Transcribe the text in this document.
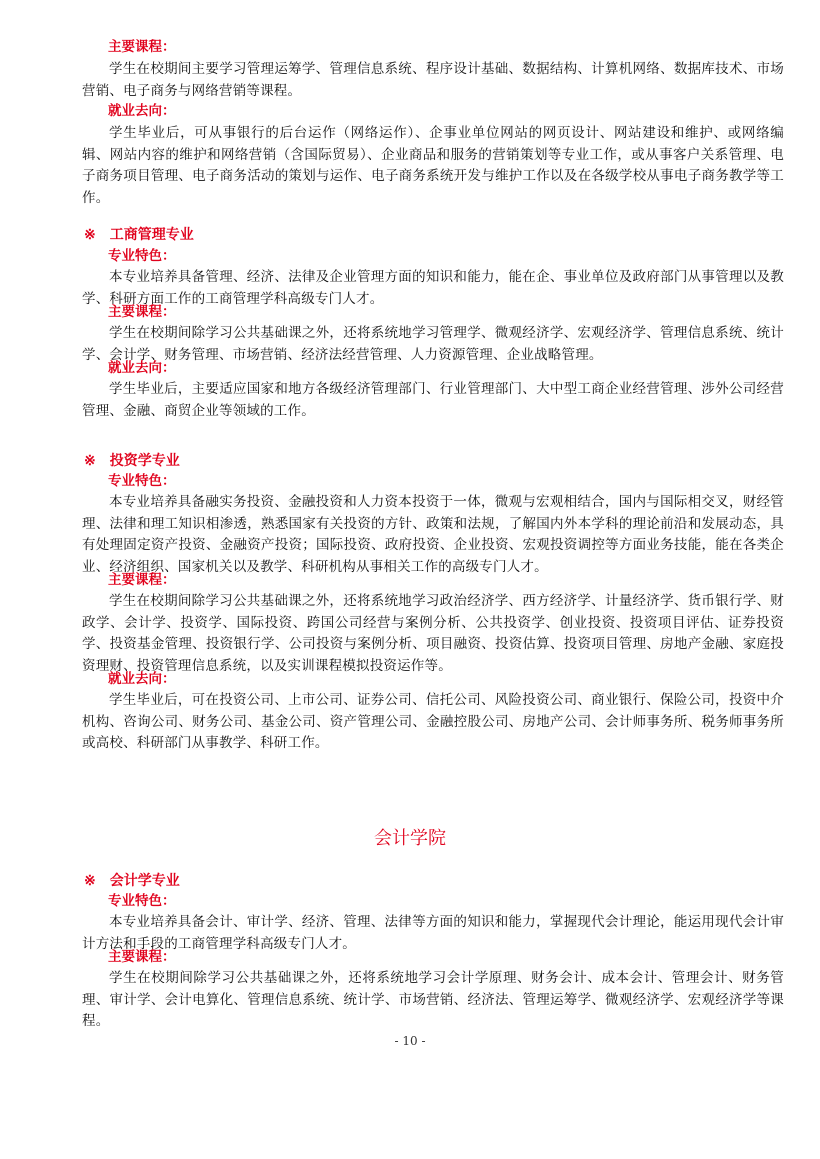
主要课程：
学生在校期间主要学习管理运筹学、管理信息系统、程序设计基础、数据结构、计算机网络、数据库技术、市场营销、电子商务与网络营销等课程。
就业去向：
学生毕业后，可从事银行的后台运作（网络运作）、企事业单位网站的网页设计、网站建设和维护、或网络编辑、网站内容的维护和网络营销（含国际贸易）、企业商品和服务的营销策划等专业工作，或从事客户关系管理、电子商务项目管理、电子商务活动的策划与运作、电子商务系统开发与维护工作以及在各级学校从事电子商务教学等工作。
※ 工商管理专业
专业特色：
本专业培养具备管理、经济、法律及企业管理方面的知识和能力，能在企、事业单位及政府部门从事管理以及教学、科研方面工作的工商管理学科高级专门人才。
主要课程：
学生在校期间除学习公共基础课之外，还将系统地学习管理学、微观经济学、宏观经济学、管理信息系统、统计学、会计学、财务管理、市场营销、经济法经营管理、人力资源管理、企业战略管理。
就业去向：
学生毕业后，主要适应国家和地方各级经济管理部门、行业管理部门、大中型工商企业经营管理、涉外公司经营管理、金融、商贸企业等领域的工作。
※ 投资学专业
专业特色：
本专业培养具备融实务投资、金融投资和人力资本投资于一体，微观与宏观相结合，国内与国际相交叉，财经管理、法律和理工知识相渗透，熟悉国家有关投资的方针、政策和法规，了解国内外本学科的理论前沿和发展动态，具有处理固定资产投资、金融资产投资；国际投资、政府投资、企业投资、宏观投资调控等方面业务技能，能在各类企业、经济组织、国家机关以及教学、科研机构从事相关工作的高级专门人才。
主要课程：
学生在校期间除学习公共基础课之外，还将系统地学习政治经济学、西方经济学、计量经济学、货币银行学、财政学、会计学、投资学、国际投资、跨国公司经营与案例分析、公共投资学、创业投资、投资项目评估、证券投资学、投资基金管理、投资银行学、公司投资与案例分析、项目融资、投资估算、投资项目管理、房地产金融、家庭投资理财、投资管理信息系统，以及实训课程模拟投资运作等。
就业去向：
学生毕业后，可在投资公司、上市公司、证券公司、信托公司、风险投资公司、商业银行、保险公司，投资中介机构、咨询公司、财务公司、基金公司、资产管理公司、金融控股公司、房地产公司、会计师事务所、税务师事务所或高校、科研部门从事教学、科研工作。
会计学院
※ 会计学专业
专业特色：
本专业培养具备会计、审计学、经济、管理、法律等方面的知识和能力，掌握现代会计理论，能运用现代会计审计方法和手段的工商管理学科高级专门人才。
主要课程：
学生在校期间除学习公共基础课之外，还将系统地学习会计学原理、财务会计、成本会计、管理会计、财务管理、审计学、会计电算化、管理信息系统、统计学、市场营销、经济法、管理运筹学、微观经济学、宏观经济学等课程。
- 10 -
